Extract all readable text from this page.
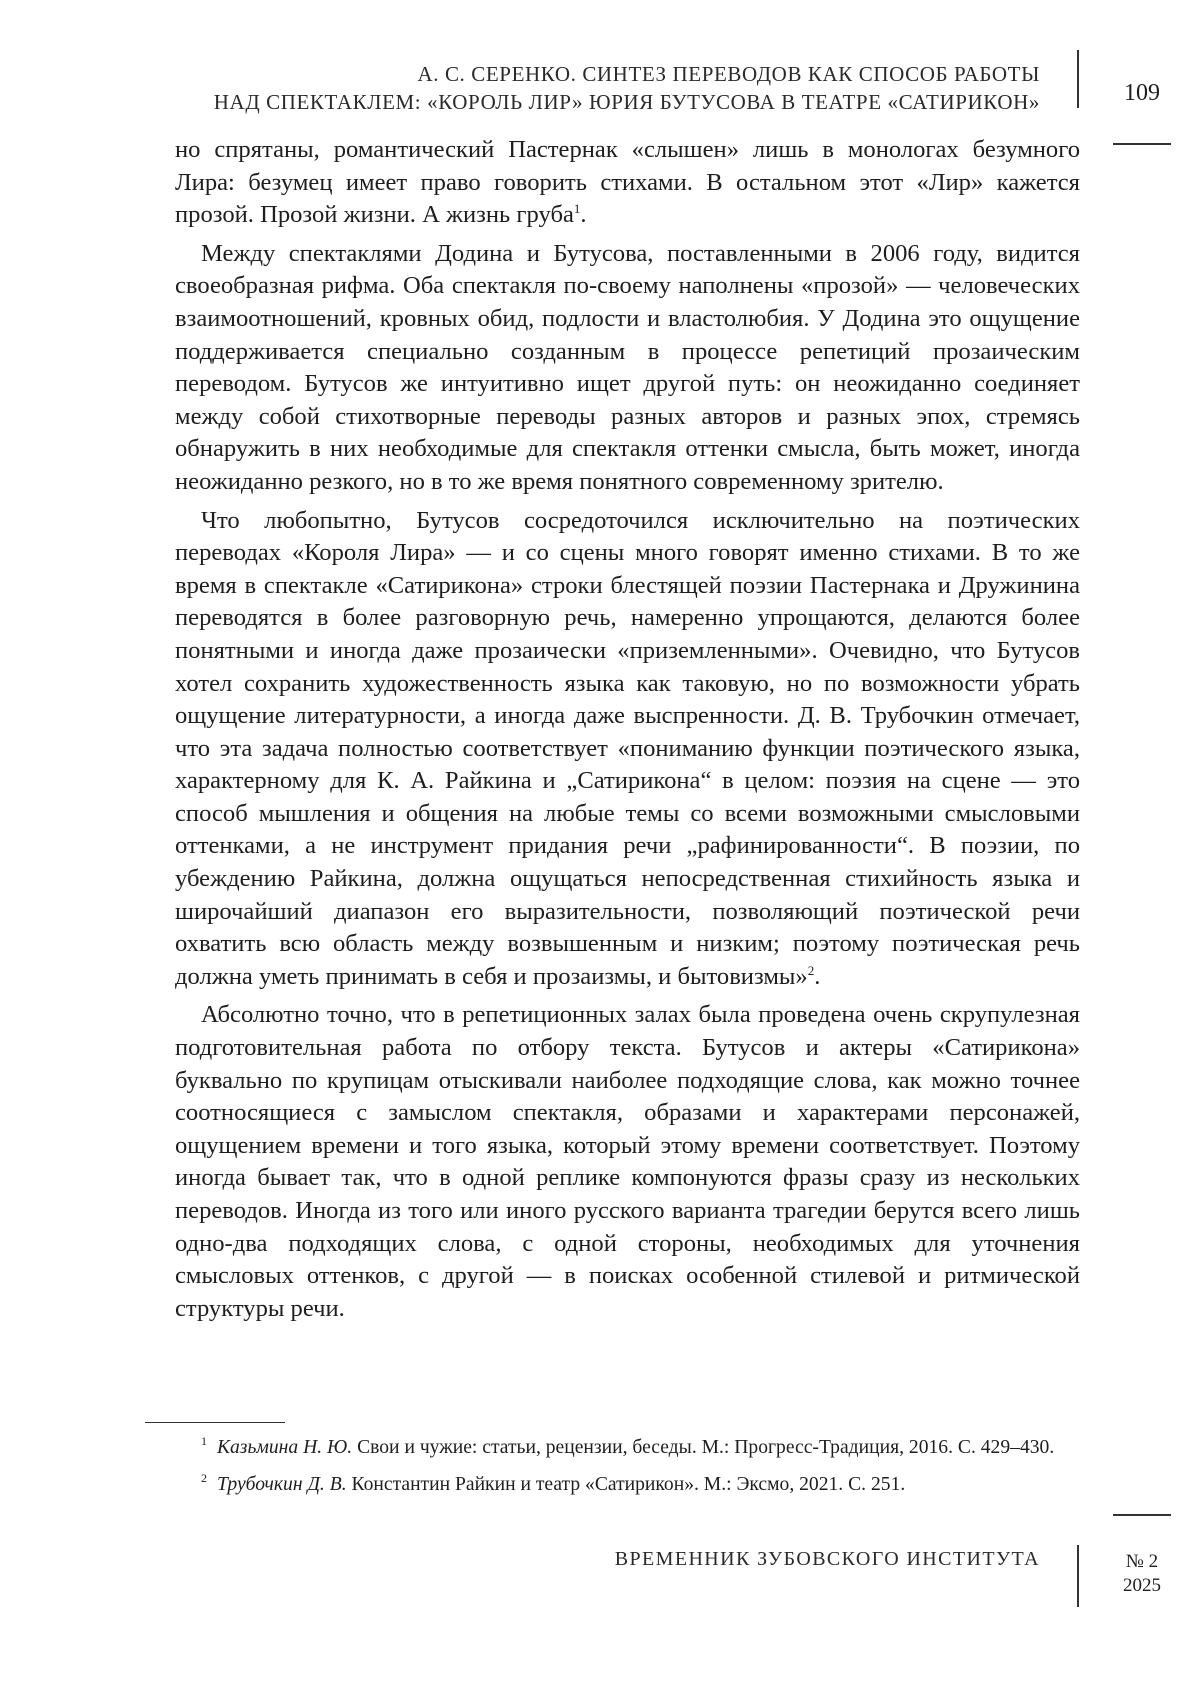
А. С. СЕРЕНКО. СИНТЕЗ ПЕРЕВОДОВ КАК СПОСОБ РАБОТЫ
НАД СПЕКТАКЛЕМ: «КОРОЛЬ ЛИР» ЮРИЯ БУТУСОВА В ТЕАТРЕ «САТИРИКОН»	109

но спрятаны, романтический Пастернак «слышен» лишь в монологах безумного Лира: безумец имеет право говорить стихами. В остальном этот «Лир» кажется прозой. Прозой жизни. А жизнь груба$^1$.

Между спектаклями Додина и Бутусова, поставленными в 2006 году, видится своеобразная рифма. Оба спектакля по-своему наполнены «прозой» — человеческих взаимоотношений, кровных обид, подлости и властолюбия. У Додина это ощущение поддерживается специально созданным в процессе репетиций прозаическим переводом. Бутусов же интуитивно ищет другой путь: он неожиданно соединяет между собой стихотворные переводы разных авторов и разных эпох, стремясь обнаружить в них необходимые для спектакля оттенки смысла, быть может, иногда неожиданно резкого, но в то же время понятного современному зрителю.

Что любопытно, Бутусов сосредоточился исключительно на поэтических переводах «Короля Лира» — и со сцены много говорят именно стихами. В то же время в спектакле «Сатирикона» строки блестящей поэзии Пастернака и Дружинина переводятся в более разговорную речь, намеренно упрощаются, делаются более понятными и иногда даже прозаически «приземленными». Очевидно, что Бутусов хотел сохранить художественность языка как таковую, но по возможности убрать ощущение литературности, а иногда даже выспренности. Д. В. Трубочкин отмечает, что эта задача полностью соответствует «пониманию функции поэтического языка, характерному для К. А. Райкина и „Сатирикона“ в целом: поэзия на сцене — это способ мышления и общения на любые темы со всеми возможными смысловыми оттенками, а не инструмент придания речи „рафинированности“. В поэзии, по убеждению Райкина, должна ощущаться непосредственная стихийность языка и широчайший диапазон его выразительности, позволяющий поэтической речи охватить всю область между возвышенным и низким; поэтому поэтическая речь должна уметь принимать в себя и прозаизмы, и бытовизмы»$^2$.

Абсолютно точно, что в репетиционных залах была проведена очень скрупулезная подготовительная работа по отбору текста. Бутусов и актеры «Сатирикона» буквально по крупицам отыскивали наиболее подходящие слова, как можно точнее соотносящиеся с замыслом спектакля, образами и характерами персонажей, ощущением времени и того языка, который этому времени соответствует. Поэтому иногда бывает так, что в одной реплике компонуются фразы сразу из нескольких переводов. Иногда из того или иного русского варианта трагедии берутся всего лишь одно-два подходящих слова, с одной стороны, необходимых для уточнения смысловых оттенков, с другой — в поисках особенной стилевой и ритмической структуры речи.

$^1$ Казьмина Н. Ю. Свои и чужие: статьи, рецензии, беседы. М.: Прогресс-Традиция, 2016. С. 429–430.
$^2$ Трубочкин Д. В. Константин Райкин и театр «Сатирикон». М.: Эксмо, 2021. С. 251.
ВРЕМЕННИК ЗУБОВСКОГО ИНСТИТУТА	№ 2
2025
